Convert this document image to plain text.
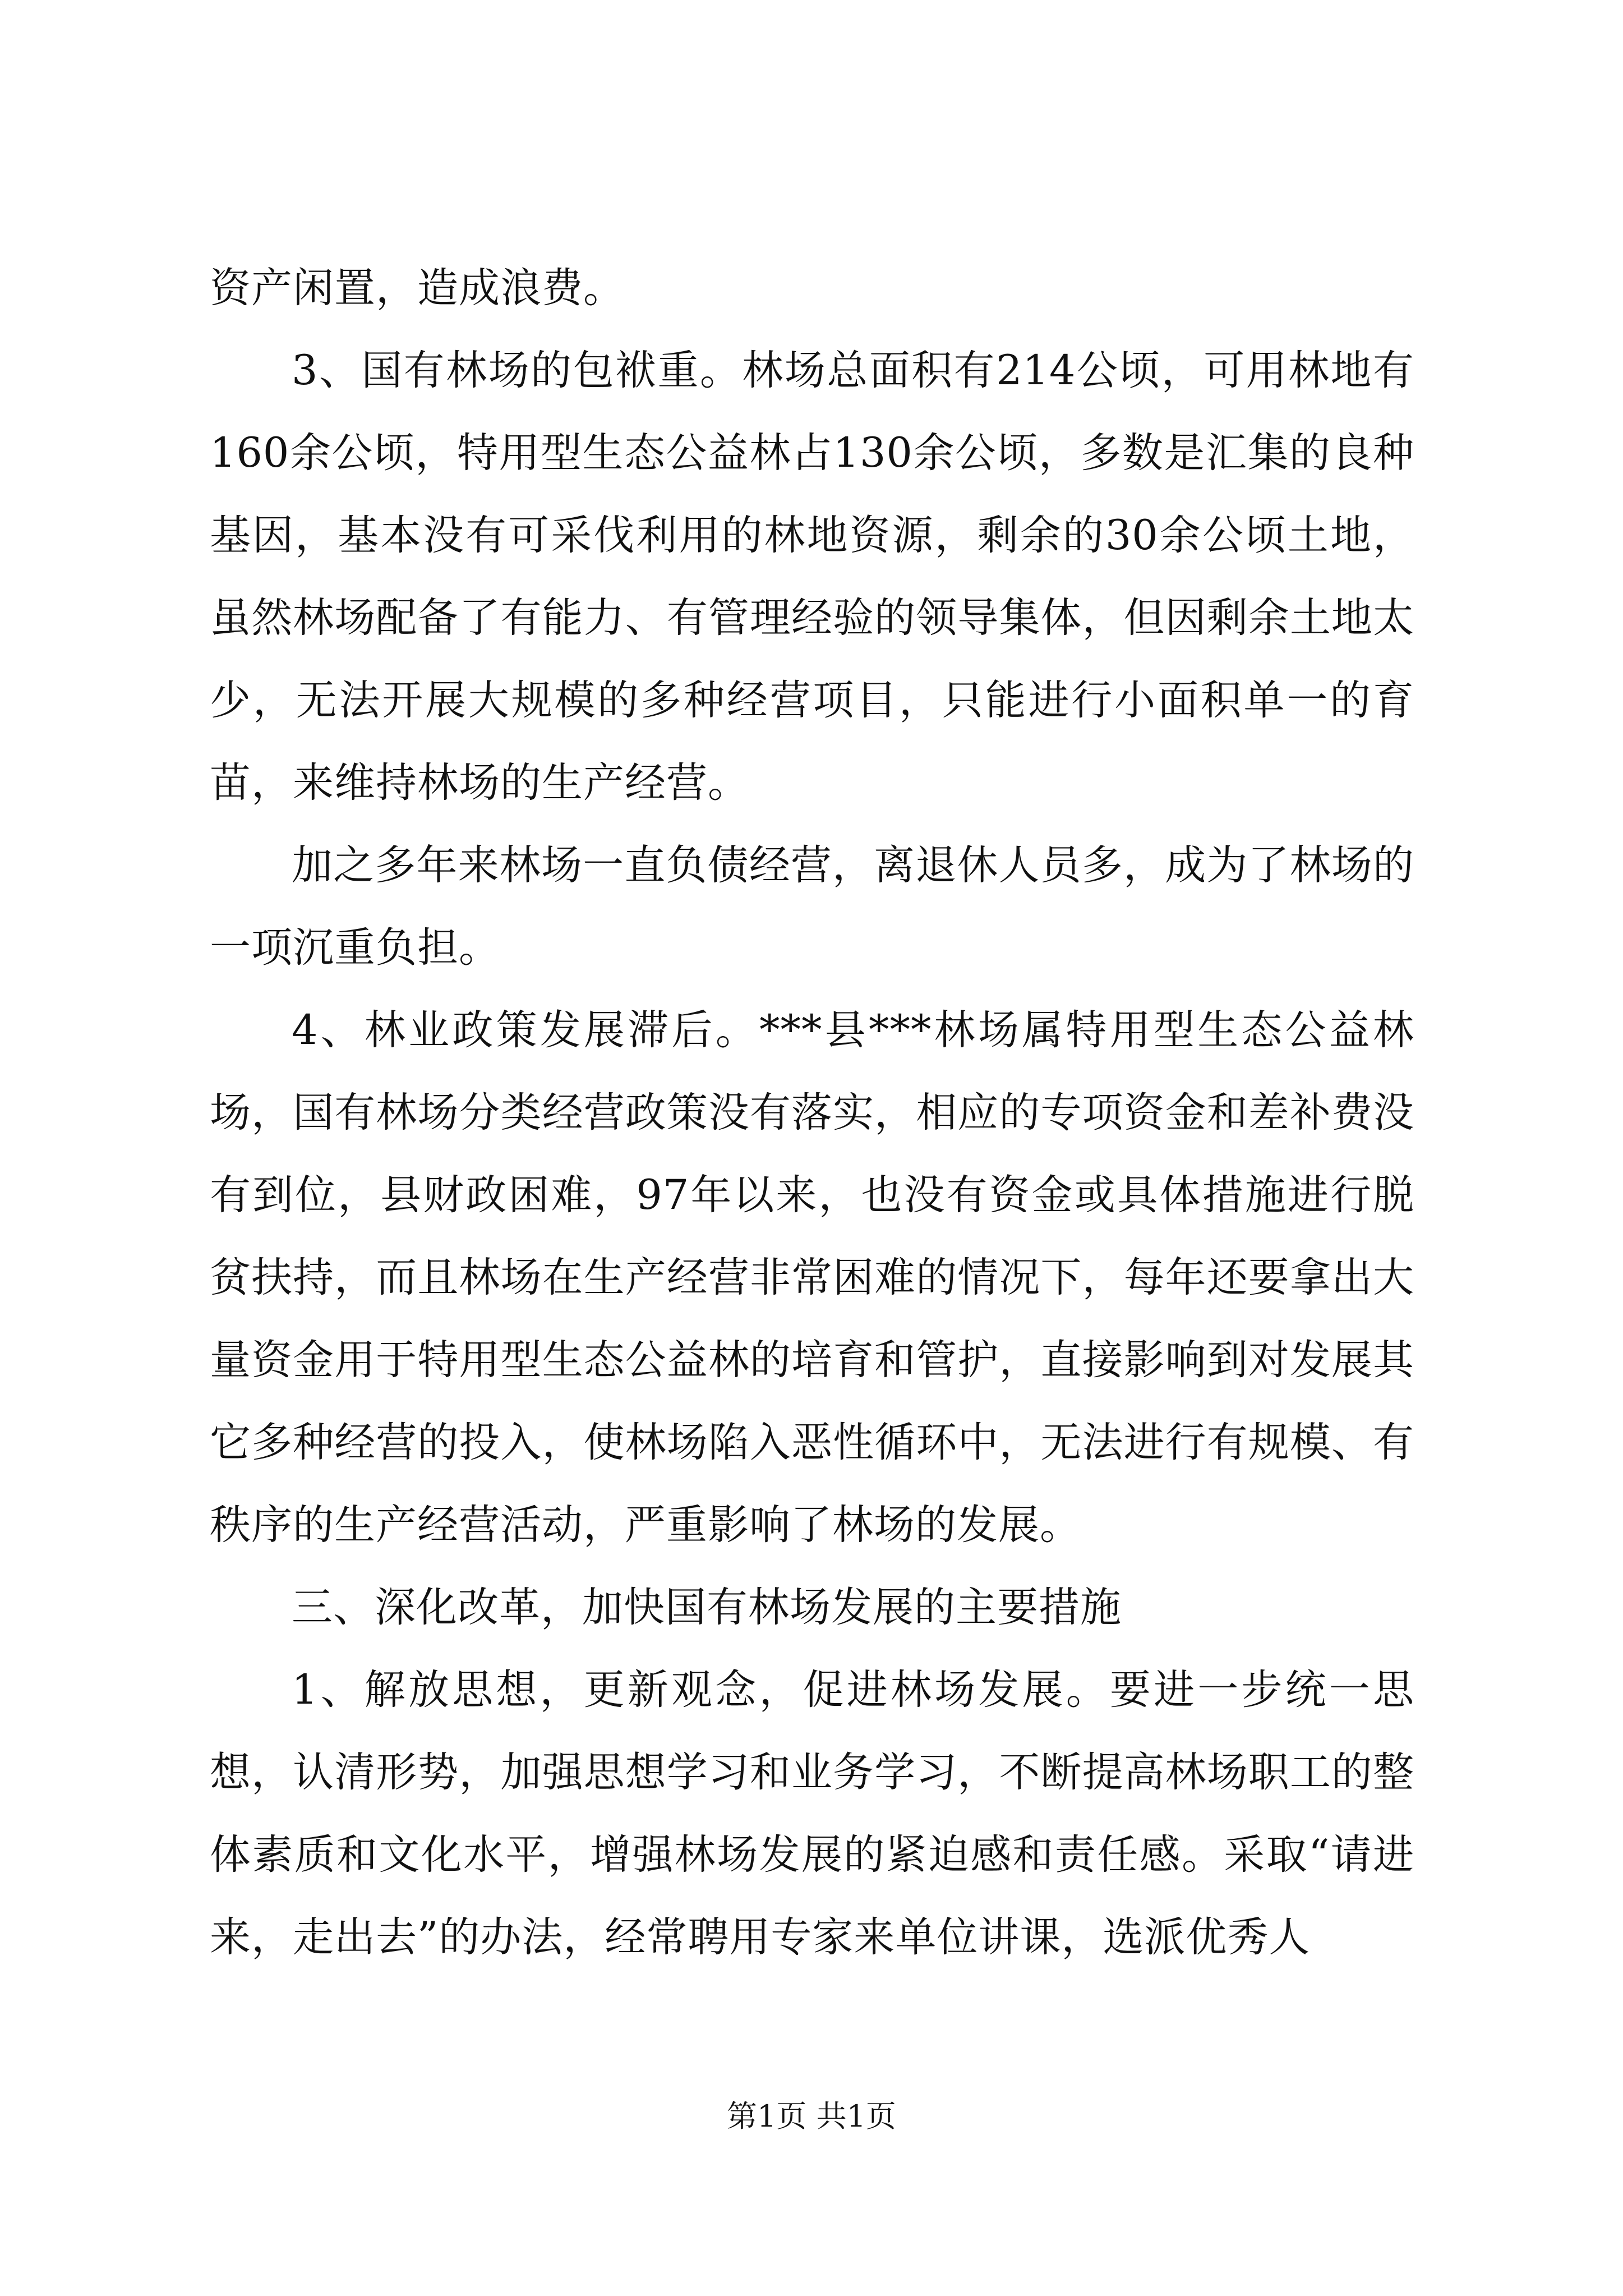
资产闲置，造成浪费。

3、国有林场的包袱重。林场总面积有214公顷，可用林地有160余公顷，特用型生态公益林占130余公顷，多数是汇集的良种基因，基本没有可采伐利用的林地资源，剩余的30余公顷土地，虽然林场配备了有能力、有管理经验的领导集体，但因剩余土地太少，无法开展大规模的多种经营项目，只能进行小面积单一的育苗，来维持林场的生产经营。

加之多年来林场一直负债经营，离退休人员多，成为了林场的一项沉重负担。

4、林业政策发展滞后。***县***林场属特用型生态公益林场，国有林场分类经营政策没有落实，相应的专项资金和差补费没有到位，县财政困难，97年以来，也没有资金或具体措施进行脱贫扶持，而且林场在生产经营非常困难的情况下，每年还要拿出大量资金用于特用型生态公益林的培育和管护，直接影响到对发展其它多种经营的投入，使林场陷入恶性循环中，无法进行有规模、有秩序的生产经营活动，严重影响了林场的发展。

三、深化改革，加快国有林场发展的主要措施

1、解放思想，更新观念，促进林场发展。要进一步统一思想，认清形势，加强思想学习和业务学习，不断提高林场职工的整体素质和文化水平，增强林场发展的紧迫感和责任感。采取“请进来，走出去”的办法，经常聘用专家来单位讲课，选派优秀人

第1页 共1页
